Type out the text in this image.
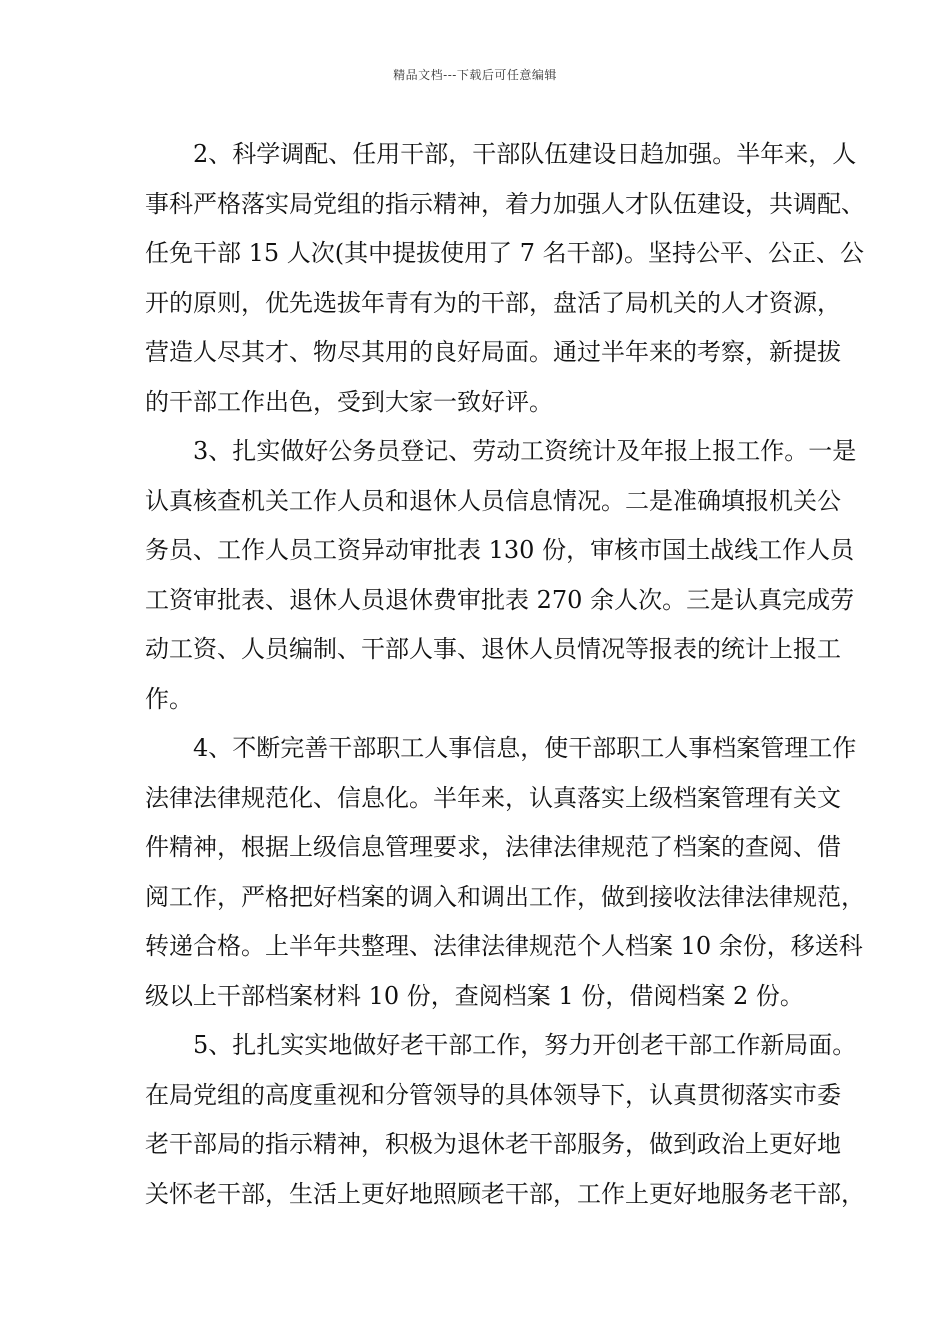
精品文档---下载后可任意编辑
2、科学调配、任用干部，干部队伍建设日趋加强。半年来，人
事科严格落实局党组的指示精神，着力加强人才队伍建设，共调配、
任免干部 15 人次(其中提拔使用了 7 名干部)。坚持公平、公正、公
开的原则，优先选拔年青有为的干部，盘活了局机关的人才资源，
营造人尽其才、物尽其用的良好局面。通过半年来的考察，新提拔
的干部工作出色，受到大家一致好评。
3、扎实做好公务员登记、劳动工资统计及年报上报工作。一是
认真核查机关工作人员和退休人员信息情况。二是准确填报机关公
务员、工作人员工资异动审批表 130 份，审核市国土战线工作人员
工资审批表、退休人员退休费审批表 270 余人次。三是认真完成劳
动工资、人员编制、干部人事、退休人员情况等报表的统计上报工
作。
4、不断完善干部职工人事信息，使干部职工人事档案管理工作
法律法律规范化、信息化。半年来，认真落实上级档案管理有关文
件精神，根据上级信息管理要求，法律法律规范了档案的查阅、借
阅工作，严格把好档案的调入和调出工作，做到接收法律法律规范，
转递合格。上半年共整理、法律法律规范个人档案 10 余份，移送科
级以上干部档案材料 10 份，查阅档案 1 份，借阅档案 2 份。
5、扎扎实实地做好老干部工作，努力开创老干部工作新局面。
在局党组的高度重视和分管领导的具体领导下，认真贯彻落实市委
老干部局的指示精神，积极为退休老干部服务，做到政治上更好地
关怀老干部，生活上更好地照顾老干部，工作上更好地服务老干部，
